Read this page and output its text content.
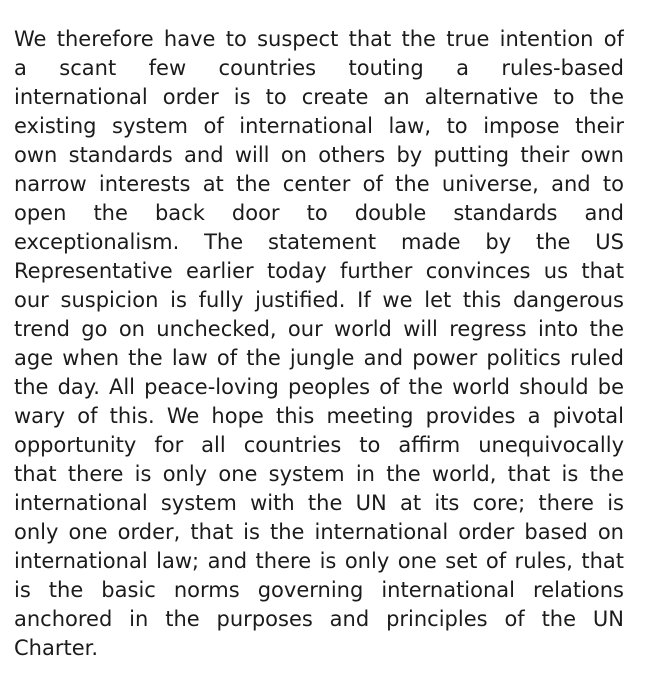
We therefore have to suspect that the true intention of
a scant few countries touting a rules-based
international order is to create an alternative to the
existing system of international law, to impose their
own standards and will on others by putting their own
narrow interests at the center of the universe, and to
open the back door to double standards and
exceptionalism. The statement made by the US
Representative earlier today further convinces us that
our suspicion is fully justified. If we let this dangerous
trend go on unchecked, our world will regress into the
age when the law of the jungle and power politics ruled
the day. All peace-loving peoples of the world should be
wary of this. We hope this meeting provides a pivotal
opportunity for all countries to affirm unequivocally
that there is only one system in the world, that is the
international system with the UN at its core; there is
only one order, that is the international order based on
international law; and there is only one set of rules, that
is the basic norms governing international relations
anchored in the purposes and principles of the UN
Charter.
